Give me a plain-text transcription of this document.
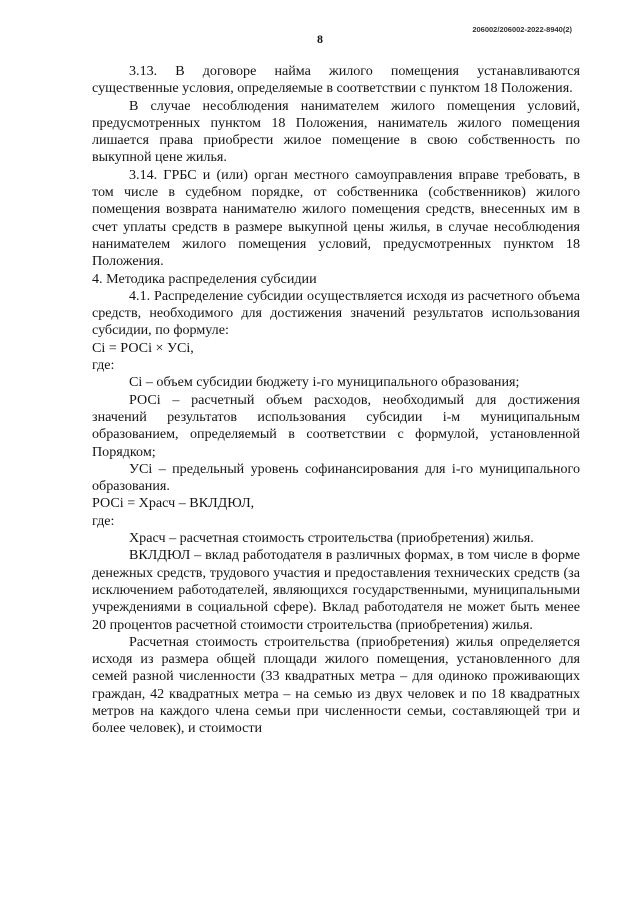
8
206002/206002-2022-8940(2)

3.13. В договоре найма жилого помещения устанавливаются существенные условия, определяемые в соответствии с пунктом 18 Положения.

В случае несоблюдения нанимателем жилого помещения условий, предусмотренных пунктом 18 Положения, наниматель жилого помещения лишается права приобрести жилое помещение в свою собственность по выкупной цене жилья.

3.14. ГРБС и (или) орган местного самоуправления вправе требовать, в том числе в судебном порядке, от собственника (собственников) жилого помещения возврата нанимателю жилого помещения средств, внесенных им в счет уплаты средств в размере выкупной цены жилья, в случае несоблюдения нанимателем жилого помещения условий, предусмотренных пунктом 18 Положения.

4. Методика распределения субсидии

4.1. Распределение субсидии осуществляется исходя из расчетного объема средств, необходимого для достижения значений результатов использования субсидии, по формуле:

Сi = РОСi × УСi,

где:

Сi – объем субсидии бюджету i-го муниципального образования;

РОСi – расчетный объем расходов, необходимый для достижения значений результатов использования субсидии i-м муниципальным образованием, определяемый в соответствии с формулой, установленной Порядком;

УСi – предельный уровень софинансирования для i-го муниципального образования.

РОСi = Храсч – ВКЛДЮЛ,

где:

Храсч – расчетная стоимость строительства (приобретения) жилья.

ВКЛДЮЛ – вклад работодателя в различных формах, в том числе в форме денежных средств, трудового участия и предоставления технических средств (за исключением работодателей, являющихся государственными, муниципальными учреждениями в социальной сфере). Вклад работодателя не может быть менее 20 процентов расчетной стоимости строительства (приобретения) жилья.

Расчетная стоимость строительства (приобретения) жилья определяется исходя из размера общей площади жилого помещения, установленного для семей разной численности (33 квадратных метра – для одиноко проживающих граждан, 42 квадратных метра – на семью из двух человек и по 18 квадратных метров на каждого члена семьи при численности семьи, составляющей три и более человек), и стоимости
